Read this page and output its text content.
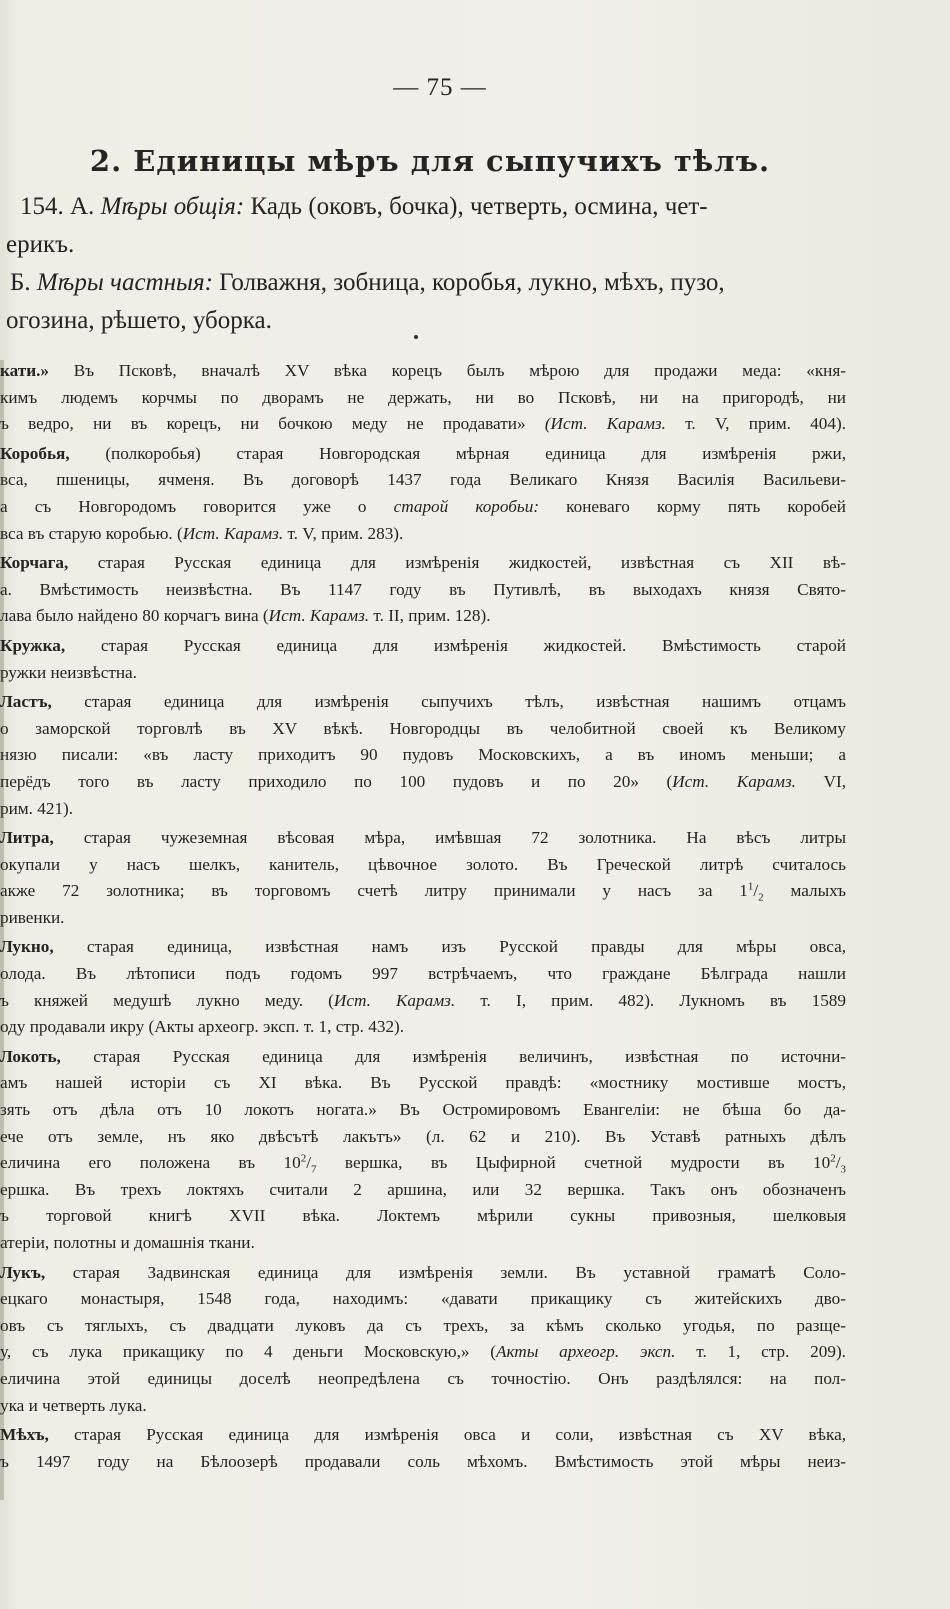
— 75 —
2. Единицы мѣръ для сыпучихъ тѣлъ.

154. А. Мѣры общія: Кадь (оковъ, бочка), четверть, осмина, чет-

ерикъ.

Б. Мѣры частныя: Голважня, зобница, коробья, лукно, мѣхъ, пузо,

огозина, рѣшето, уборка.

кати.» Въ Псковѣ, вначалѣ XV вѣка корецъ былъ мѣрою для продажи меда: «кня-
кимъ людемъ корчмы по дворамъ не держать, ни во Псковѣ, ни на пригородѣ, ни
ъ ведро, ни въ корецъ, ни бочкою меду не продавати» (Ист. Карамз. т. V, прим. 404).
Коробья, (полкоробья) старая Новгородская мѣрная единица для измѣренія ржи,
вса, пшеницы, ячменя. Въ договорѣ 1437 года Великаго Князя Василія Васильеви-
а съ Новгородомъ говорится уже о старой коробьи: коневаго корму пять коробей
вса въ старую коробью. (Ист. Карамз. т. V, прим. 283).
Корчага, старая Русская единица для измѣренія жидкостей, извѣстная съ XII вѣ-
а. Вмѣстимость неизвѣстна. Въ 1147 году въ Путивлѣ, въ выходахъ князя Свято-
лава было найдено 80 корчагъ вина (Ист. Карамз. т. II, прим. 128).
Кружка, старая Русская единица для измѣренія жидкостей. Вмѣстимость старой
ружки неизвѣстна.
Ластъ, старая единица для измѣренія сыпучихъ тѣлъ, извѣстная нашимъ отцамъ
о заморской торговлѣ въ XV вѣкѣ. Новгородцы въ челобитной своей къ Великому
нязю писали: «въ ласту приходитъ 90 пудовъ Московскихъ, а въ иномъ меньши; а
перёдъ того въ ласту приходило по 100 пудовъ и по 20» (Ист. Карамз. VI,
рим. 421).
Литра, старая чужеземная вѣсовая мѣра, имѣвшая 72 золотника. На вѣсъ литры
окупали у насъ шелкъ, канитель, цѣвочное золото. Въ Греческой литрѣ считалось
акже 72 золотника; въ торговомъ счетѣ литру принимали у насъ за $1^1/_2$ малыхъ
ривенки.
Лукно, старая единица, извѣстная намъ изъ Русской правды для мѣры овса,
олода. Въ лѣтописи подъ годомъ 997 встрѣчаемъ, что граждане Бѣлграда нашли
ъ княжей медушѣ лукно меду. (Ист. Карамз. т. I, прим. 482). Лукномъ въ 1589
оду продавали икру (Акты археогр. эксп. т. 1, стр. 432).
Локоть, старая Русская единица для измѣренія величинъ, извѣстная по источни-
амъ нашей исторіи съ XI вѣка. Въ Русской правдѣ: «мостнику мостивше мостъ,
зять отъ дѣла отъ 10 локотъ ногата.» Въ Остромировомъ Евангеліи: не бѣша бо да-
ече отъ земле, нъ яко двѣсътѣ лакътъ» (л. 62 и 210). Въ Уставѣ ратныхъ дѣлъ
еличина его положена въ $10^2/_7$ вершка, въ Цыфирной счетной мудрости въ $10^2/_3$
ершка. Въ трехъ локтяхъ считали 2 аршина, или 32 вершка. Такъ онъ обозначенъ
ъ торговой книгѣ XVII вѣка. Локтемъ мѣрили сукны привозныя, шелковыя
атеріи, полотны и домашнія ткани.
Лукъ, старая Задвинская единица для измѣренія земли. Въ уставной граматѣ Соло-
ецкаго монастыря, 1548 года, находимъ: «давати прикащику съ житейскихъ дво-
овъ съ тяглыхъ, съ двадцати луковъ да съ трехъ, за кѣмъ сколько угодья, по разще-
у, съ лука прикащику по 4 деньги Московскую,» (Акты археогр. эксп. т. 1, стр. 209).
еличина этой единицы доселѣ неопредѣлена съ точностію. Онъ раздѣлялся: на пол-
ука и четверть лука.
Мѣхъ, старая Русская единица для измѣренія овса и соли, извѣстная съ XV вѣка,
ъ 1497 году на Бѣлоозерѣ продавали соль мѣхомъ. Вмѣстимость этой мѣры неиз-
